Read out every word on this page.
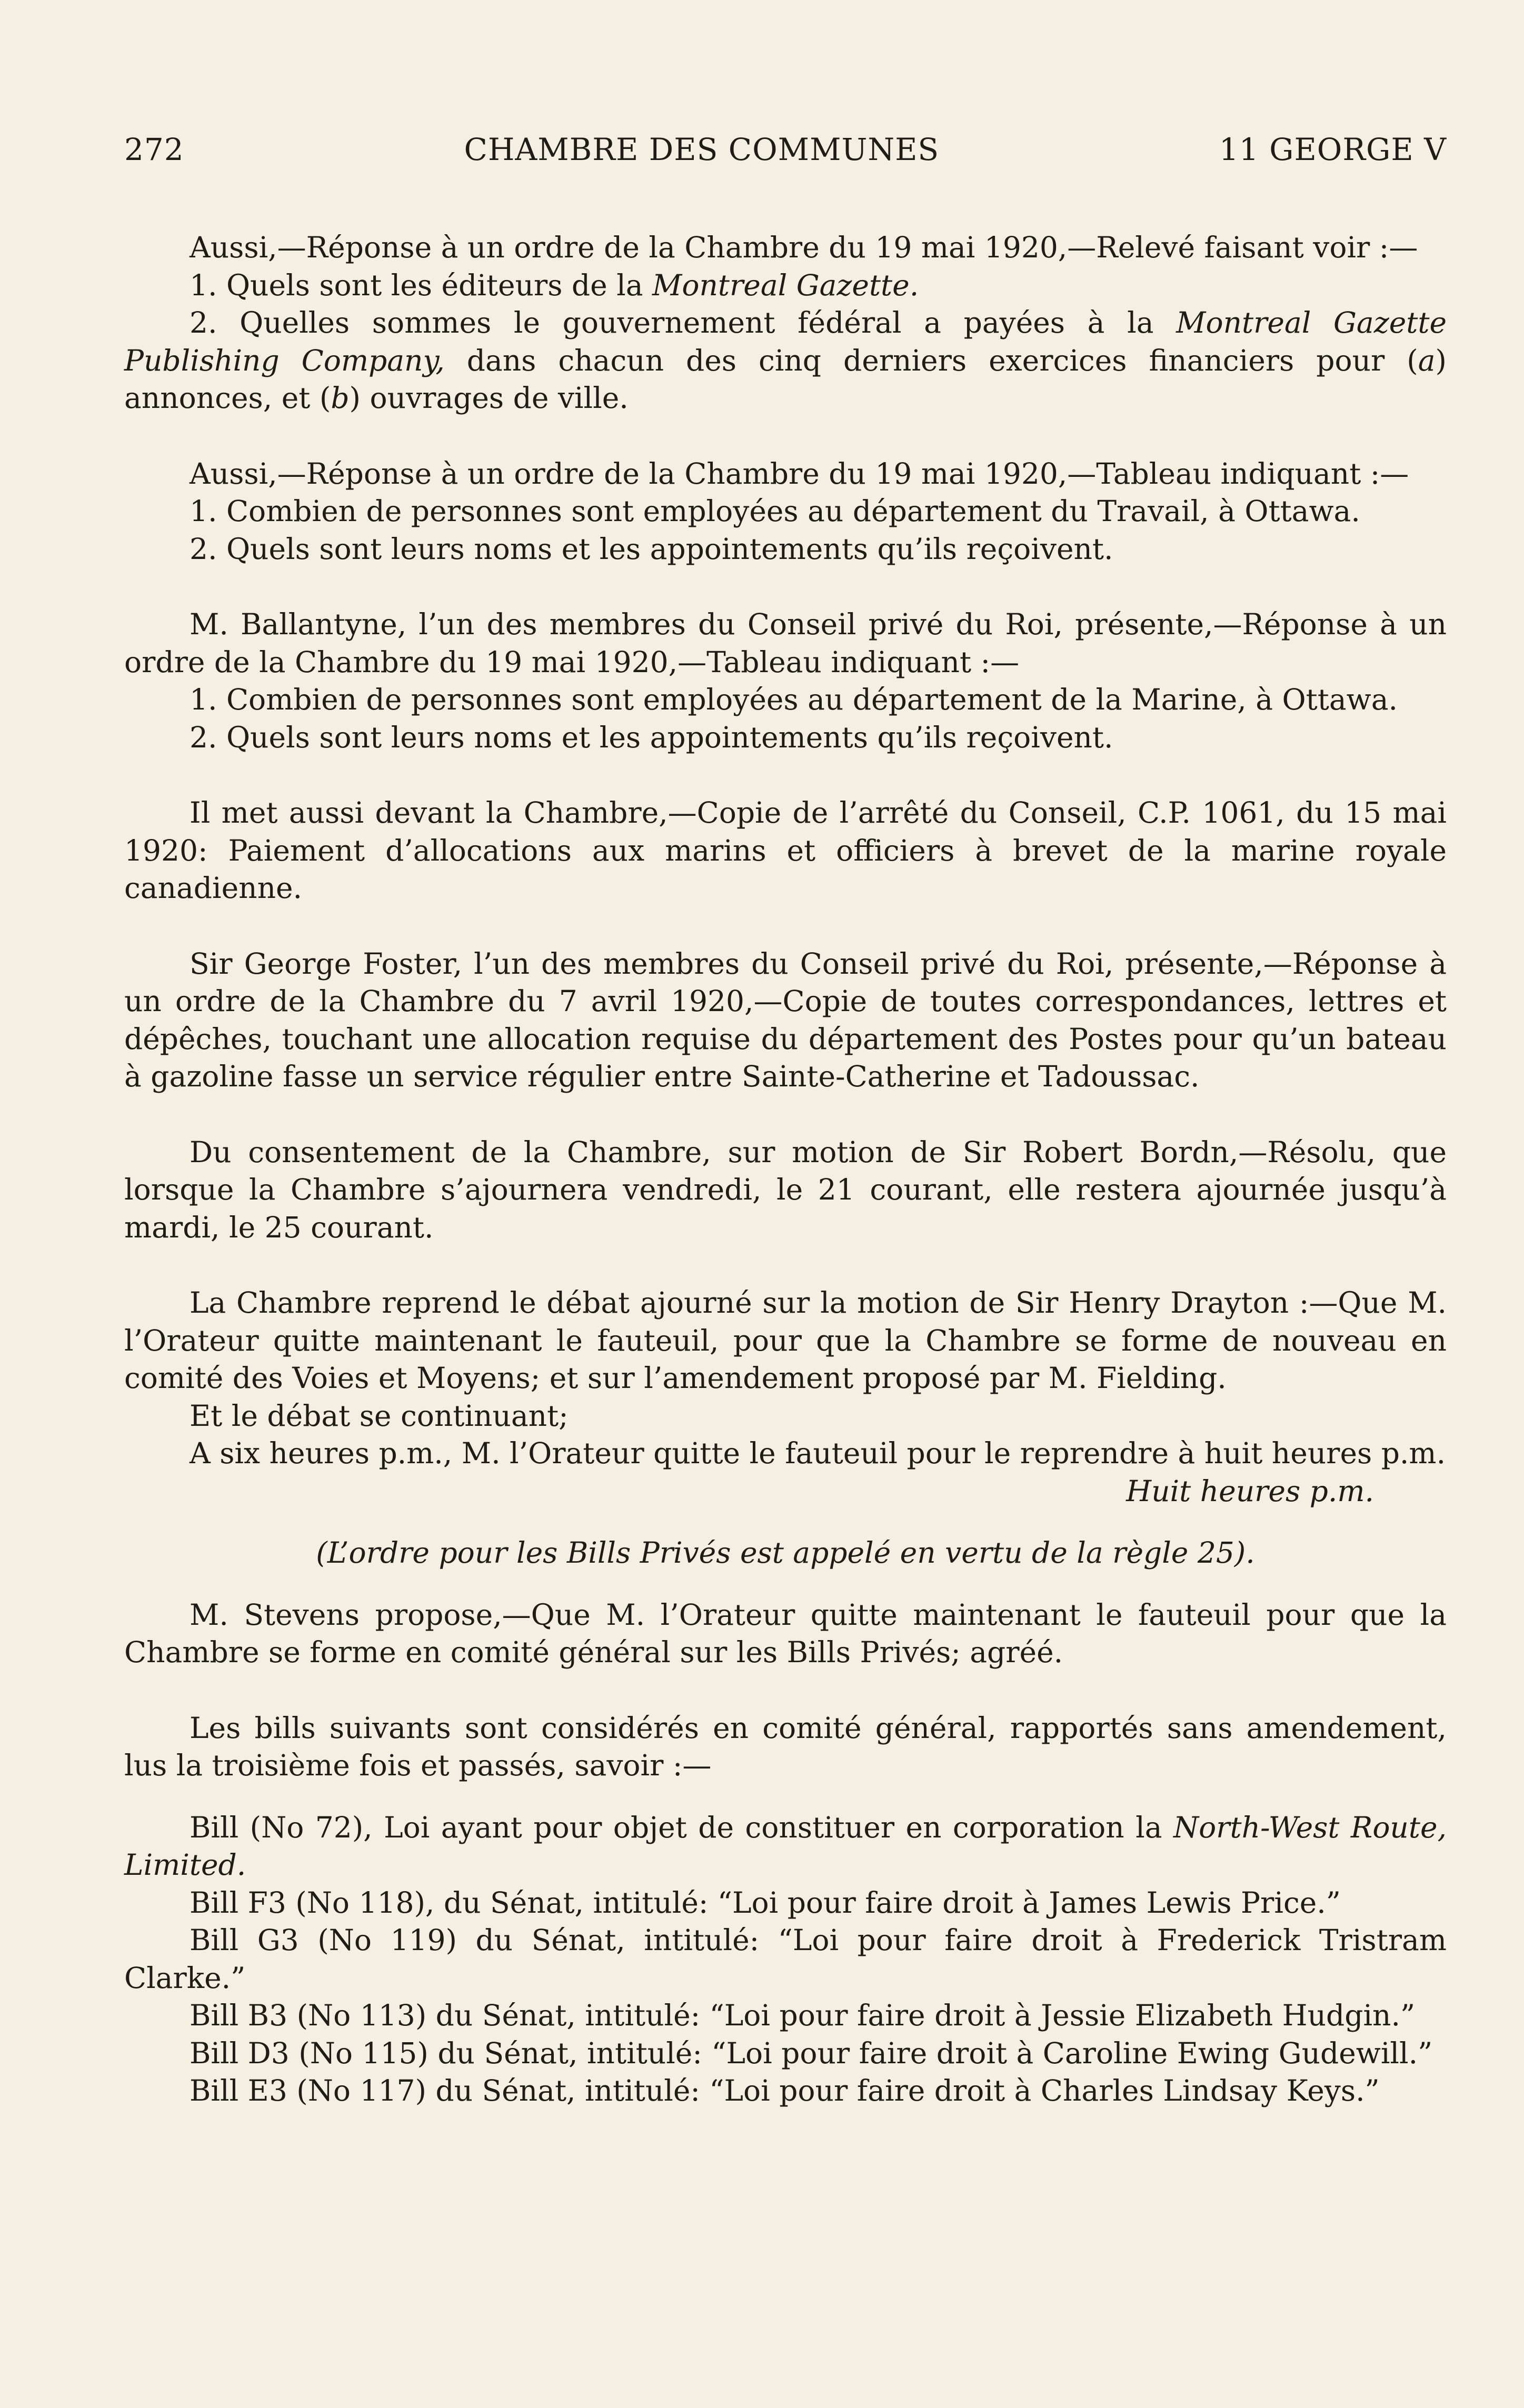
272	CHAMBRE DES COMMUNES	11 GEORGE V

Aussi,—Réponse à un ordre de la Chambre du 19 mai 1920,—Relevé faisant voir :—

1. Quels sont les éditeurs de la Montreal Gazette.

2. Quelles sommes le gouvernement fédéral a payées à la Montreal Gazette Publishing Company, dans chacun des cinq derniers exercices financiers pour (a) annonces, et (b) ouvrages de ville.

Aussi,—Réponse à un ordre de la Chambre du 19 mai 1920,—Tableau indiquant :—

1. Combien de personnes sont employées au département du Travail, à Ottawa.

2. Quels sont leurs noms et les appointements qu’ils reçoivent.

M. Ballantyne, l’un des membres du Conseil privé du Roi, présente,—Réponse à un ordre de la Chambre du 19 mai 1920,—Tableau indiquant :—

1. Combien de personnes sont employées au département de la Marine, à Ottawa.

2. Quels sont leurs noms et les appointements qu’ils reçoivent.

Il met aussi devant la Chambre,—Copie de l’arrêté du Conseil, C.P. 1061, du 15 mai 1920: Paiement d’allocations aux marins et officiers à brevet de la marine royale canadienne.

Sir George Foster, l’un des membres du Conseil privé du Roi, présente,—Réponse à un ordre de la Chambre du 7 avril 1920,—Copie de toutes correspondances, lettres et dépêches, touchant une allocation requise du département des Postes pour qu’un bateau à gazoline fasse un service régulier entre Sainte-Catherine et Tadoussac.

Du consentement de la Chambre, sur motion de Sir Robert Bordn,—Résolu, que lorsque la Chambre s’ajournera vendredi, le 21 courant, elle restera ajournée jusqu’à mardi, le 25 courant.

La Chambre reprend le débat ajourné sur la motion de Sir Henry Drayton :—Que M. l’Orateur quitte maintenant le fauteuil, pour que la Chambre se forme de nouveau en comité des Voies et Moyens; et sur l’amendement proposé par M. Fielding.

Et le débat se continuant;

A six heures p.m., M. l’Orateur quitte le fauteuil pour le reprendre à huit heures p.m.

Huit heures p.m.

(L’ordre pour les Bills Privés est appelé en vertu de la règle 25).

M. Stevens propose,—Que M. l’Orateur quitte maintenant le fauteuil pour que la Chambre se forme en comité général sur les Bills Privés; agréé.

Les bills suivants sont considérés en comité général, rapportés sans amendement, lus la troisième fois et passés, savoir :—

Bill (No 72), Loi ayant pour objet de constituer en corporation la North-West Route, Limited.

Bill F3 (No 118), du Sénat, intitulé: “Loi pour faire droit à James Lewis Price.”

Bill G3 (No 119) du Sénat, intitulé: “Loi pour faire droit à Frederick Tristram Clarke.”

Bill B3 (No 113) du Sénat, intitulé: “Loi pour faire droit à Jessie Elizabeth Hudgin.”

Bill D3 (No 115) du Sénat, intitulé: “Loi pour faire droit à Caroline Ewing Gudewill.”

Bill E3 (No 117) du Sénat, intitulé: “Loi pour faire droit à Charles Lindsay Keys.”
